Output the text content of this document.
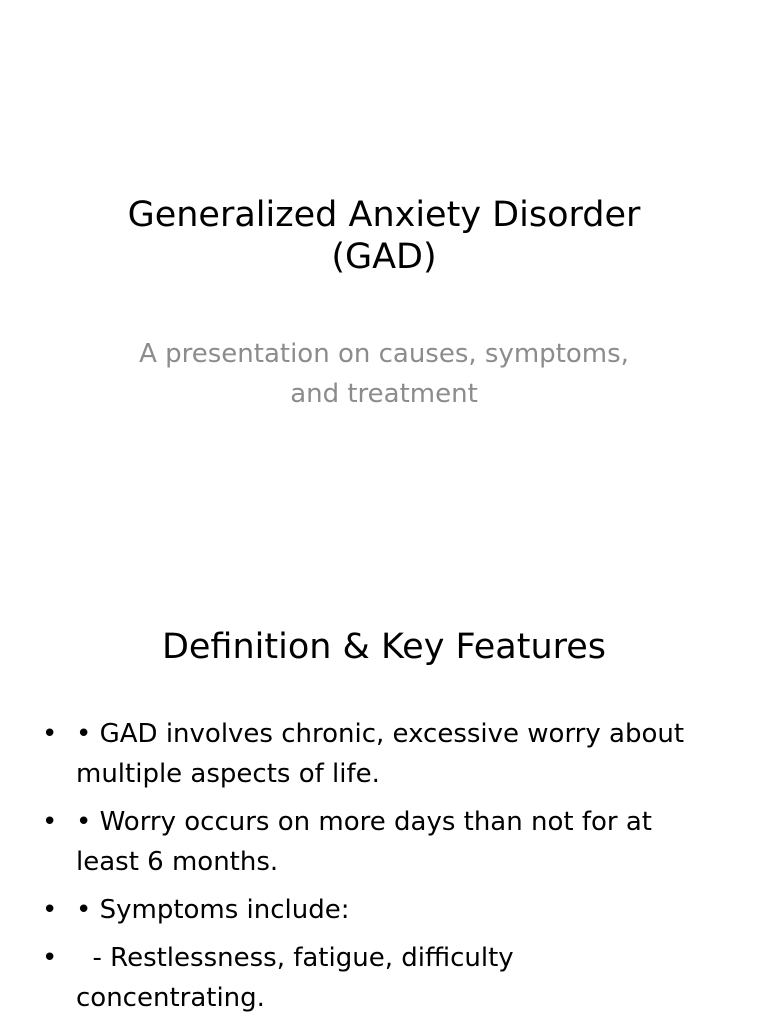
Generalized Anxiety Disorder
(GAD)

A presentation on causes, symptoms,
and treatment

Definition & Key Features
• • GAD involves chronic, excessive worry about
multiple aspects of life.
• • Worry occurs on more days than not for at
least 6 months.
• • Symptoms include:
• - Restlessness, fatigue, difficulty
concentrating.
